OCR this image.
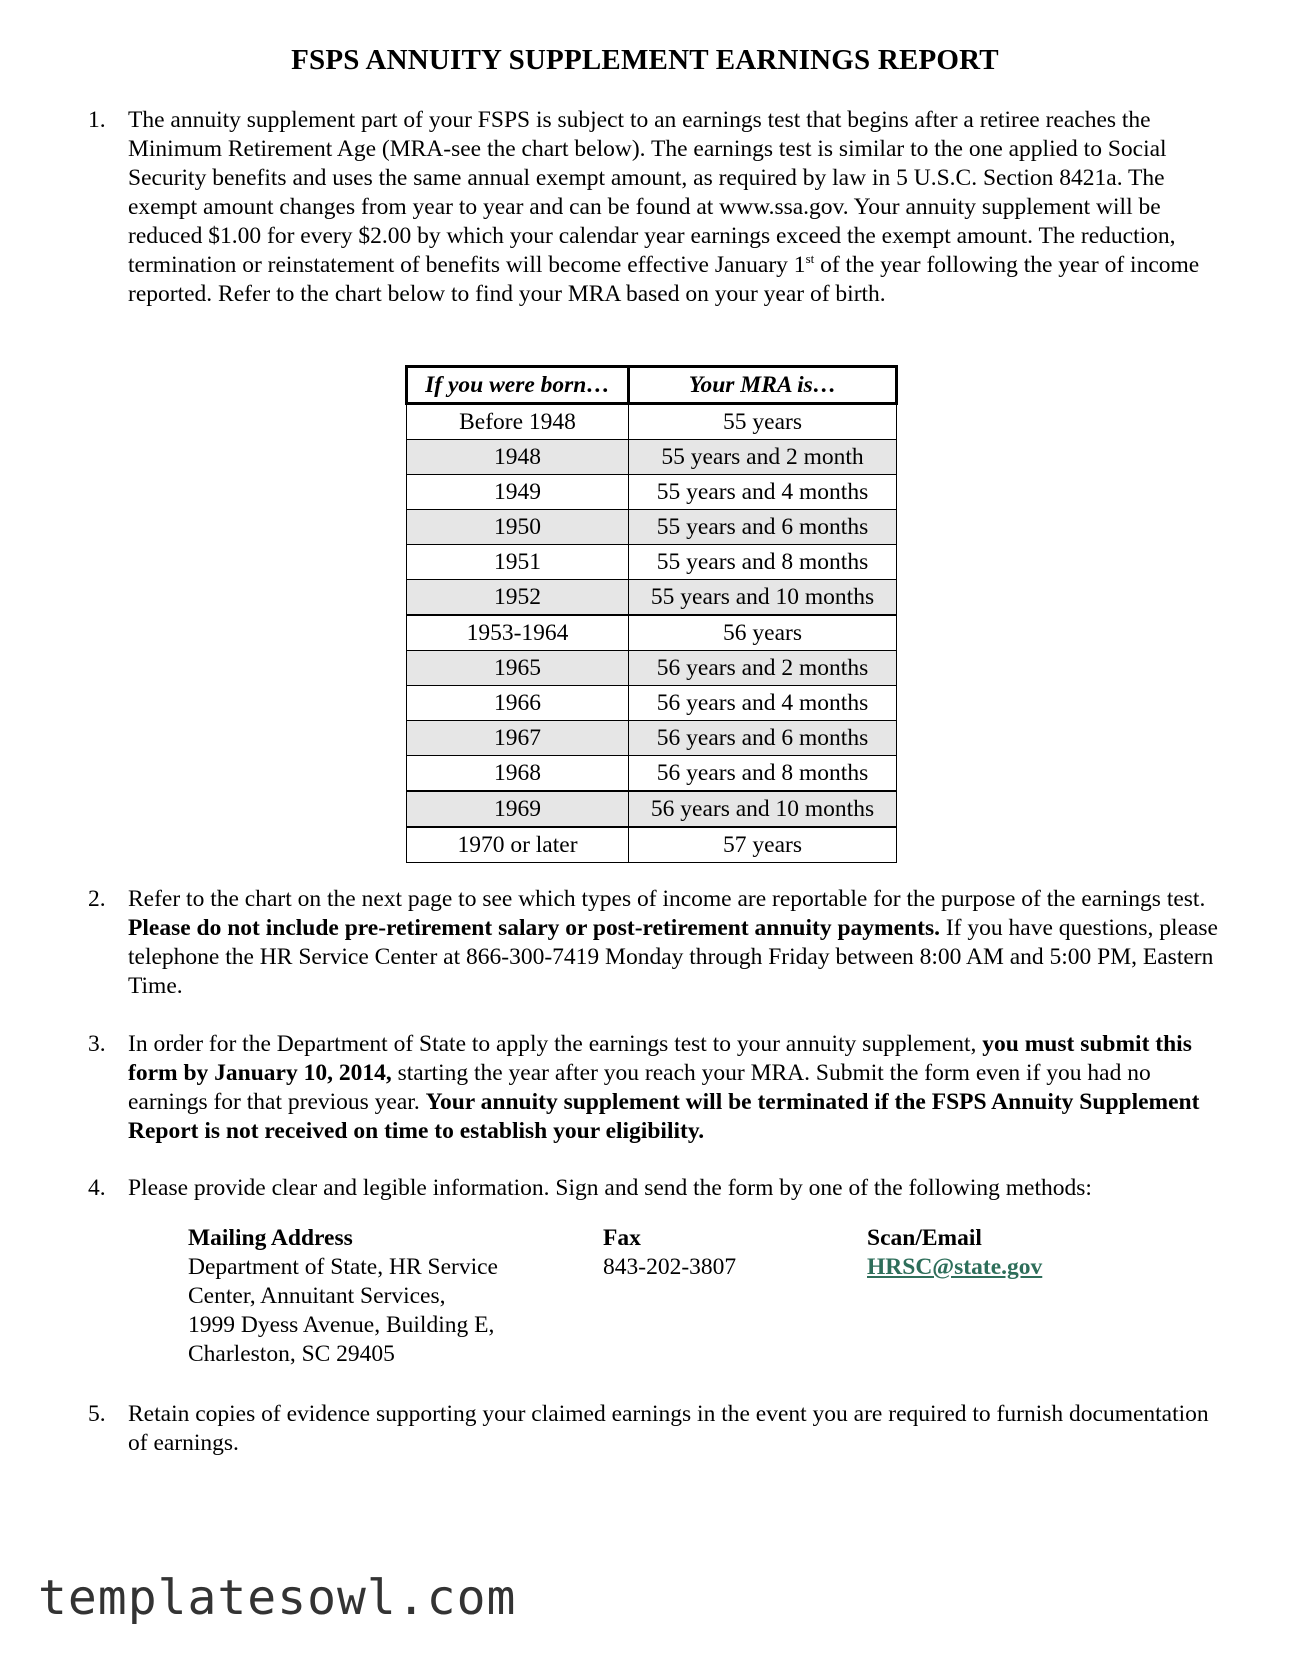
FSPS ANNUITY SUPPLEMENT EARNINGS REPORT
1. The annuity supplement part of your FSPS is subject to an earnings test that begins after a retiree reaches the Minimum Retirement Age (MRA-see the chart below). The earnings test is similar to the one applied to Social Security benefits and uses the same annual exempt amount, as required by law in 5 U.S.C. Section 8421a. The exempt amount changes from year to year and can be found at www.ssa.gov. Your annuity supplement will be reduced $1.00 for every $2.00 by which your calendar year earnings exceed the exempt amount. The reduction, termination or reinstatement of benefits will become effective January 1st of the year following the year of income reported. Refer to the chart below to find your MRA based on your year of birth.
If you were born…	Your MRA is…
Before 1948	55 years
1948	55 years and 2 month
1949	55 years and 4 months
1950	55 years and 6 months
1951	55 years and 8 months
1952	55 years and 10 months
1953-1964	56 years
1965	56 years and 2 months
1966	56 years and 4 months
1967	56 years and 6 months
1968	56 years and 8 months
1969	56 years and 10 months
1970 or later	57 years
2. Refer to the chart on the next page to see which types of income are reportable for the purpose of the earnings test. Please do not include pre-retirement salary or post-retirement annuity payments. If you have questions, please telephone the HR Service Center at 866-300-7419 Monday through Friday between 8:00 AM and 5:00 PM, Eastern Time.
3. In order for the Department of State to apply the earnings test to your annuity supplement, you must submit this form by January 10, 2014, starting the year after you reach your MRA. Submit the form even if you had no earnings for that previous year. Your annuity supplement will be terminated if the FSPS Annuity Supplement Report is not received on time to establish your eligibility.
4. Please provide clear and legible information. Sign and send the form by one of the following methods:
Mailing Address
Department of State, HR Service
Center, Annuitant Services,
1999 Dyess Avenue, Building E,
Charleston, SC 29405
Fax
843-202-3807
Scan/Email
HRSC@state.gov
5. Retain copies of evidence supporting your claimed earnings in the event you are required to furnish documentation of earnings.
templatesowl.com
